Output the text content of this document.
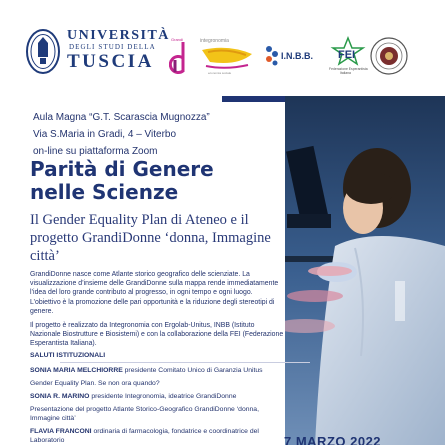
UNIVERSITÀ
DEGLI STUDI DELLA
TUSCIA
Grandi	integronomia
economia sociale
I.N.B.B. FEI
Federazione Esperantista
Italiana
Aula Magna “G.T. Scarascia Mugnozza”
Via S.Maria in Gradi, 4 – Viterbo
on-line su piattaforma Zoom
Parità di Genere
nelle Scienze
Il Gender Equality Plan di Ateneo e il progetto GrandiDonne ‘donna, Immagine città’

GrandiDonne nasce come Atlante storico geografico delle scienziate. La visualizzazione d’insieme delle GrandiDonne sulla mappa rende immediatamente l’idea del loro grande contributo al progresso, in ogni tempo e ogni luogo. L’obiettivo è la promozione delle pari opportunità e la riduzione degli stereotipi di genere.

Il progetto è realizzato da Integronomia con Ergolab-Unitus, INBB (Istituto Nazionale Biostrutture e Biosistemi) e con la collaborazione della FEI (Federazione Esperantista Italiana).

SALUTI ISTITUZIONALI
SONIA MARIA MELCHIORRE presidente Comitato Unico di Garanzia Unitus
Gender Equality Plan. Se non ora quando?
SONIA R. MARINO presidente Integronomia, ideatrice GrandiDonne
Presentazione del progetto Atlante Storico-Geografico GrandiDonne ‘donna, Immagine città’
FLAVIA FRANCONI ordinaria di farmacologia, fondatrice e coordinatrice del Laboratorio	7 MARZO 2022
